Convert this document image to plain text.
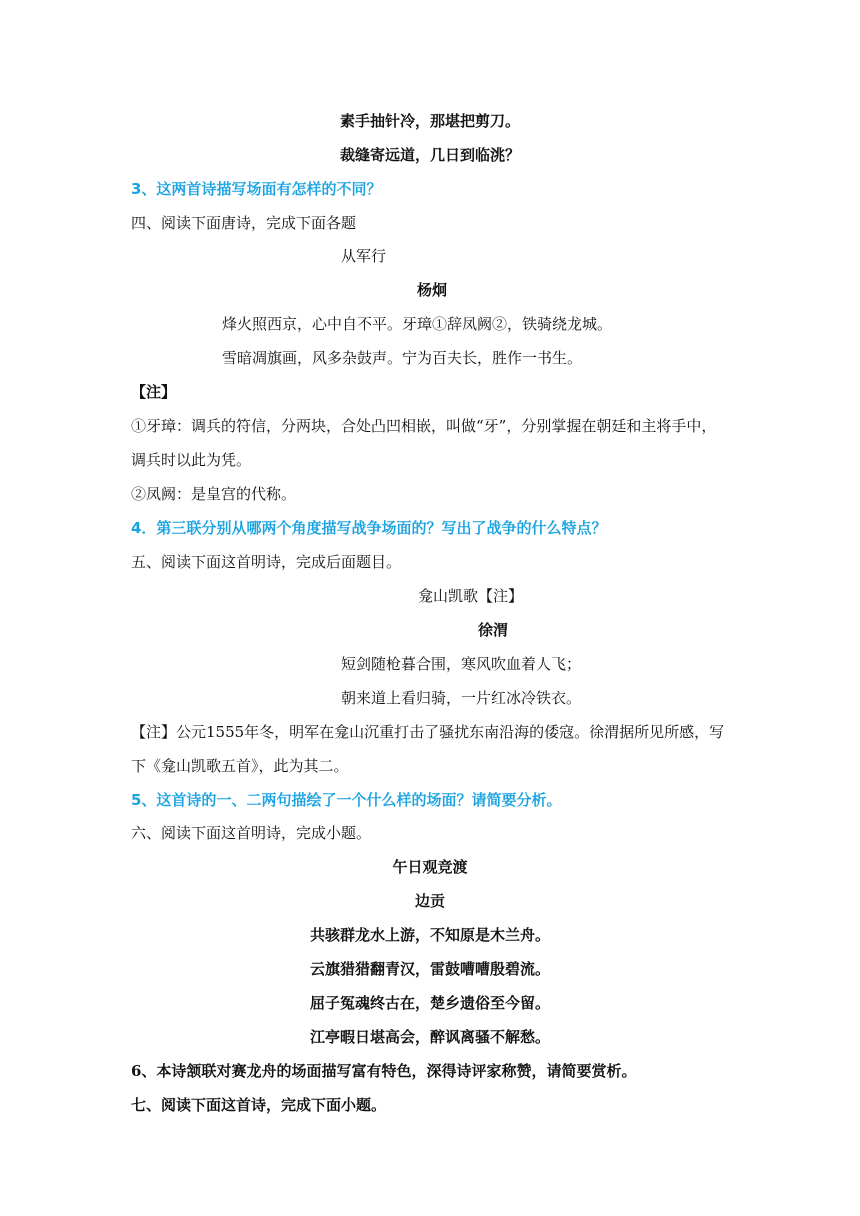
素手抽针冷，那堪把剪刀。
裁缝寄远道，几日到临洮？
3、这两首诗描写场面有怎样的不同？
四、阅读下面唐诗，完成下面各题
从军行
杨炯
烽火照西京，心中自不平。牙璋①辞凤阙②，铁骑绕龙城。
雪暗凋旗画，风多杂鼓声。宁为百夫长，胜作一书生。
【注】
①牙璋：调兵的符信，分两块，合处凸凹相嵌，叫做“牙”，分别掌握在朝廷和主将手中，
调兵时以此为凭。
②凤阙：是皇宫的代称。
4．第三联分别从哪两个角度描写战争场面的？写出了战争的什么特点？
五、阅读下面这首明诗，完成后面题目。
龛山凯歌【注】
徐渭
短剑随枪暮合围，寒风吹血着人飞；
朝来道上看归骑，一片红冰冷铁衣。
【注】公元1555年冬，明军在龛山沉重打击了骚扰东南沿海的倭寇。徐渭据所见所感，写
下《龛山凯歌五首》，此为其二。
5、这首诗的一、二两句描绘了一个什么样的场面？请简要分析。
六、阅读下面这首明诗，完成小题。
午日观竞渡
边贡
共骇群龙水上游，不知原是木兰舟。
云旗猎猎翻青汉，雷鼓嘈嘈殷碧流。
屈子冤魂终古在，楚乡遗俗至今留。
江亭暇日堪高会，醉讽离骚不解愁。
6、本诗颔联对赛龙舟的场面描写富有特色，深得诗评家称赞，请简要赏析。
七、阅读下面这首诗，完成下面小题。
